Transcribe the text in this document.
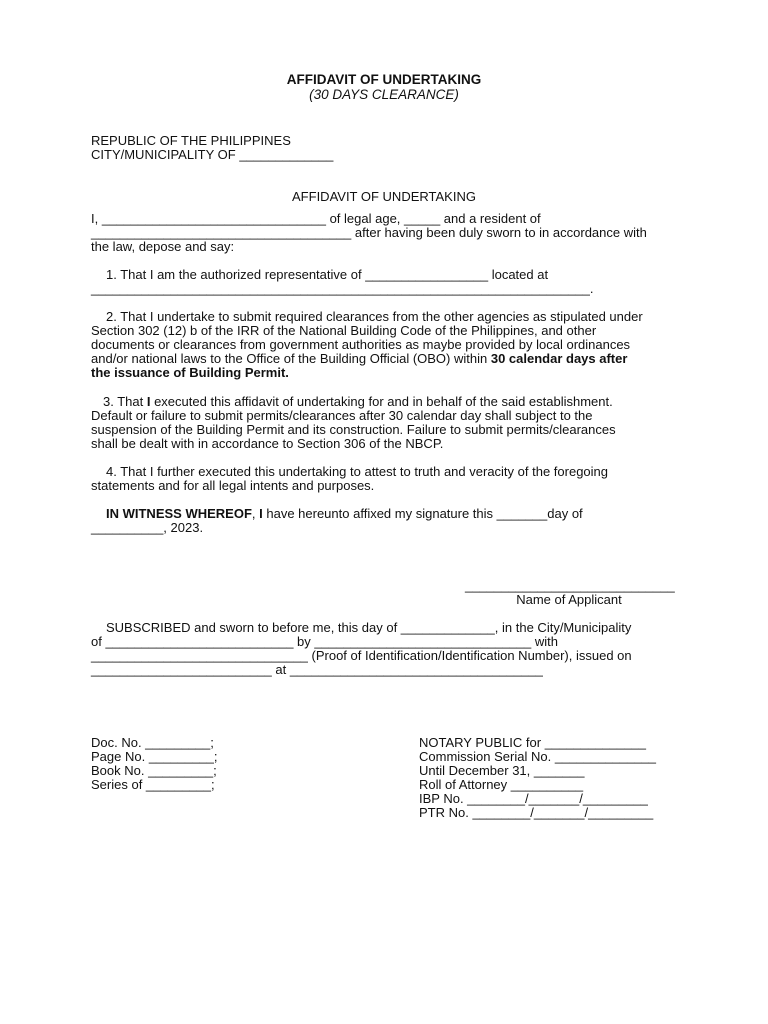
AFFIDAVIT OF UNDERTAKING
(30 DAYS CLEARANCE)
REPUBLIC OF THE PHILIPPINES
CITY/MUNICIPALITY OF _____________
AFFIDAVIT OF UNDERTAKING
I, _______________________________ of legal age, _____ and a resident of
____________________________________ after having been duly sworn to in accordance with
the law, depose and say:
1. That I am the authorized representative of _________________ located at
_____________________________________________________________________.
2. That I undertake to submit required clearances from the other agencies as stipulated under
Section 302 (12) b of the IRR of the National Building Code of the Philippines, and other
documents or clearances from government authorities as maybe provided by local ordinances
and/or national laws to the Office of the Building Official (OBO) within 30 calendar days after
the issuance of Building Permit.
3. That I executed this affidavit of undertaking for and in behalf of the said establishment.
Default or failure to submit permits/clearances after 30 calendar day shall subject to the
suspension of the Building Permit and its construction. Failure to submit permits/clearances
shall be dealt with in accordance to Section 306 of the NBCP.
4. That I further executed this undertaking to attest to truth and veracity of the foregoing
statements and for all legal intents and purposes.
IN WITNESS WHEREOF, I have hereunto affixed my signature this _______day of
__________, 2023.
_____________________________
Name of Applicant
SUBSCRIBED and sworn to before me, this day of _____________, in the City/Municipality
of __________________________ by ______________________________ with
______________________________ (Proof of Identification/Identification Number), issued on
_________________________ at ___________________________________
Doc. No. _________;
Page No. _________;
Book No. _________;
Series of _________;
NOTARY PUBLIC for ______________
Commission Serial No. ______________
Until December 31, _______
Roll of Attorney __________
IBP No. ________/_______/_________
PTR No. ________/_______/_________
